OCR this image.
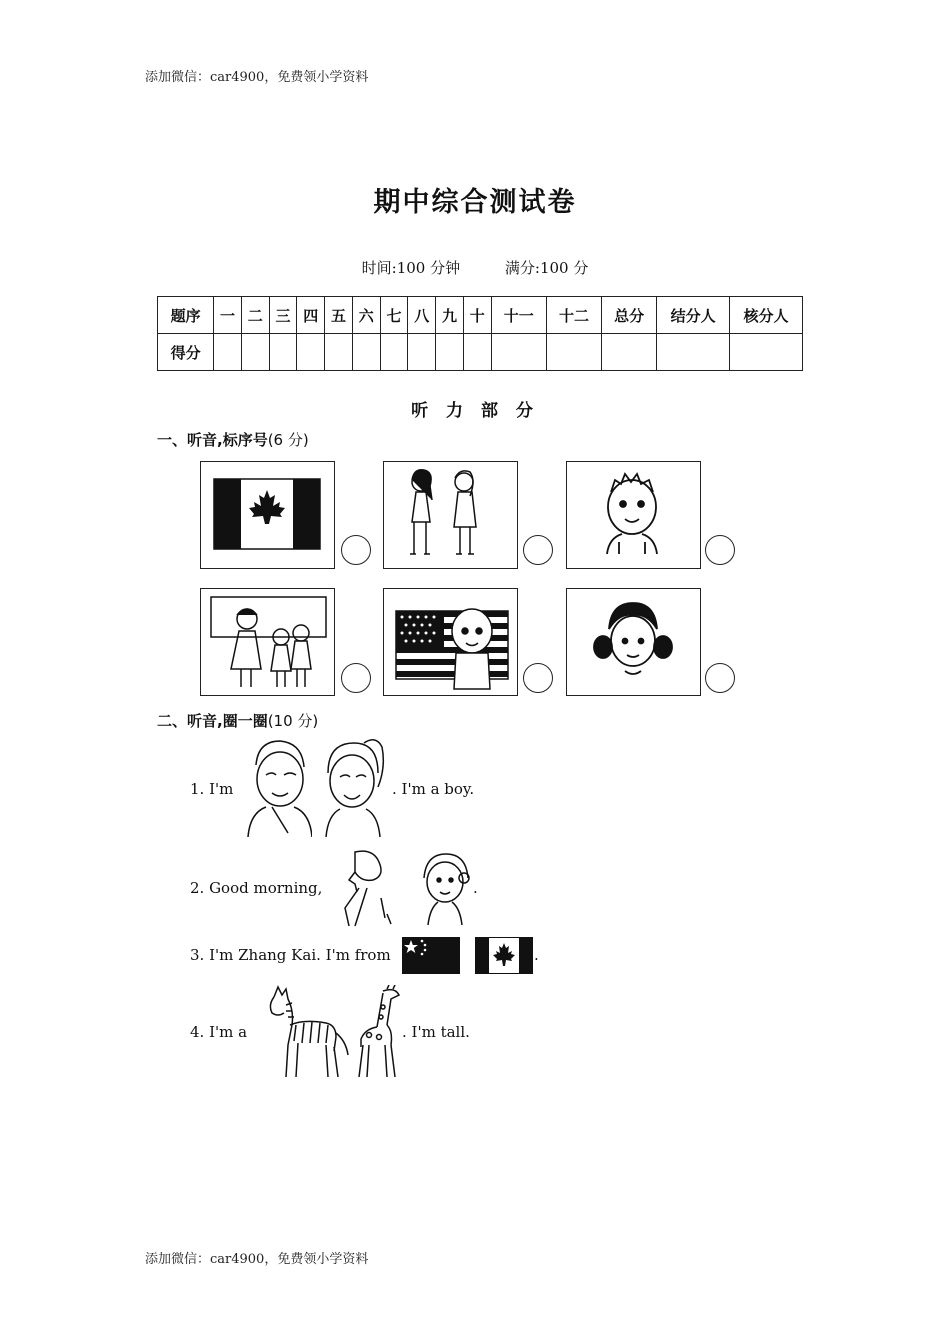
添加微信：car4900，免费领小学资料
期中综合测试卷
时间:100 分钟	满分:100 分
题序	一	二	三	四	五	六	七	八	九	十	十一	十二	总分	结分人	核分人
得分															
听 力 部 分
一、听音,标序号(6 分)
二、听音,圈一圈(10 分)
1. I'm	. I'm a boy.
2. Good morning,	.
3. I'm Zhang Kai. I'm from	.
4. I'm a	. I'm tall.
添加微信：car4900，免费领小学资料
